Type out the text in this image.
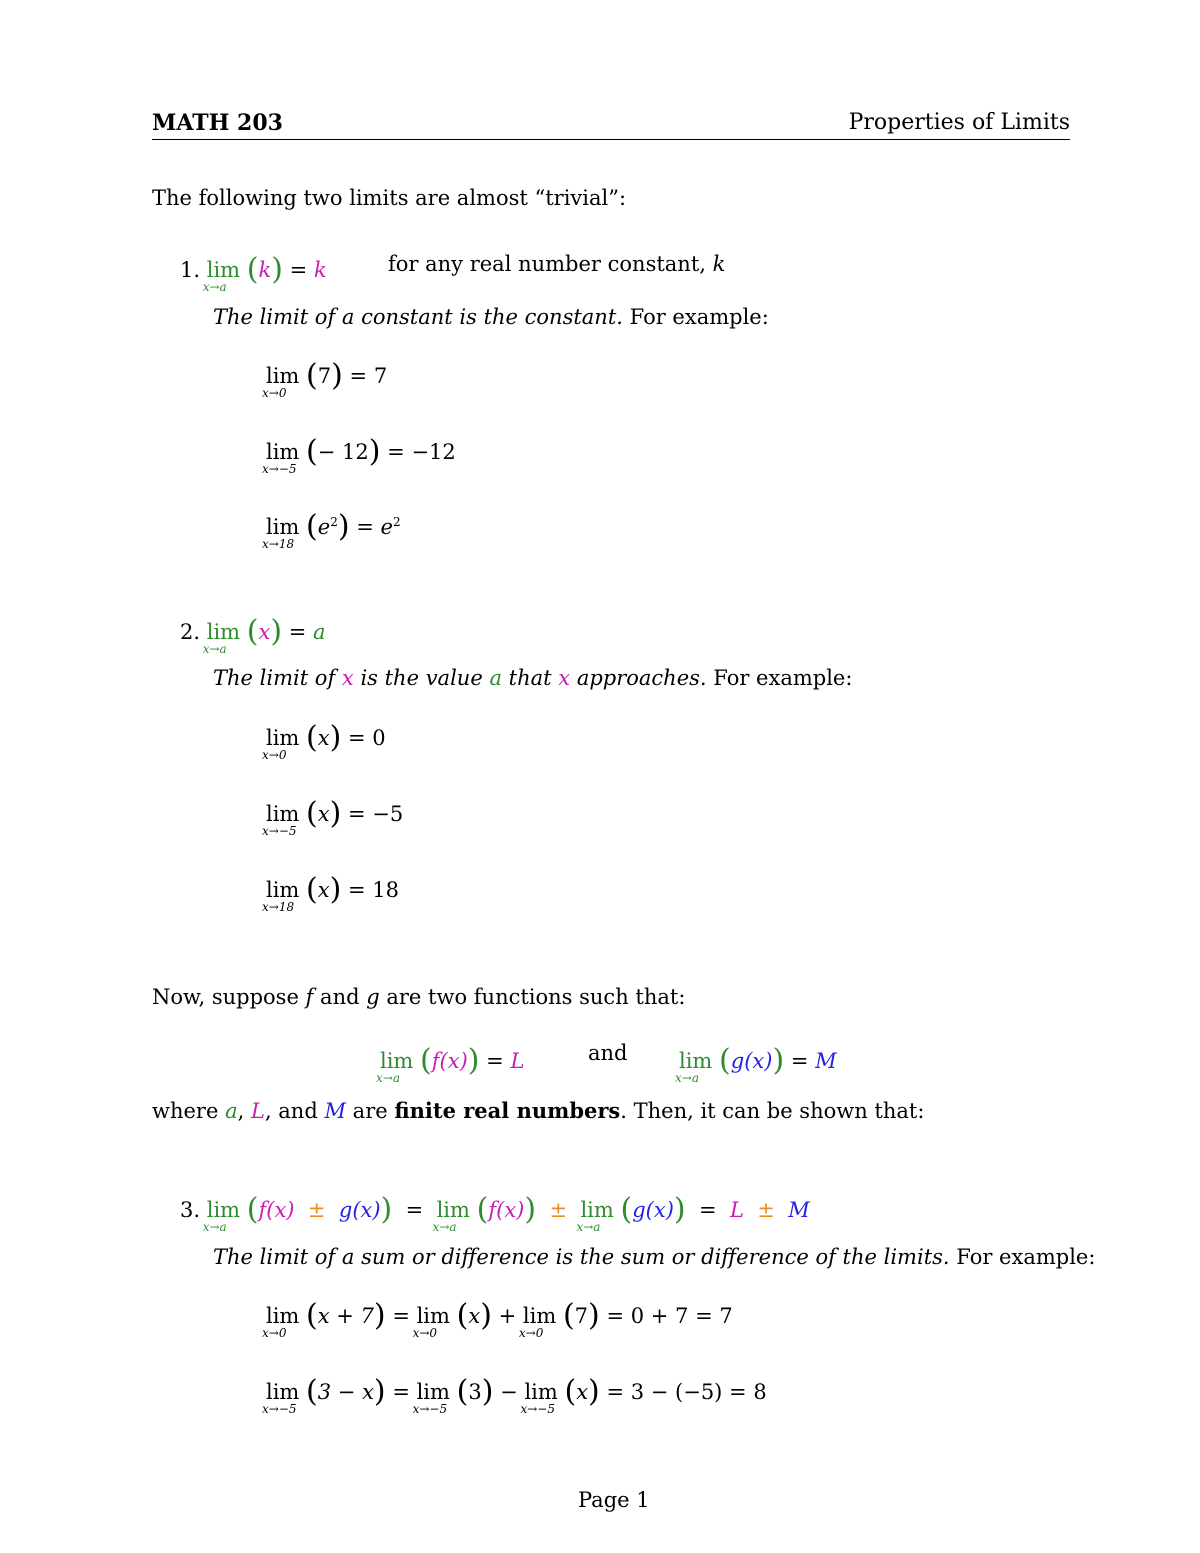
MATH 203	Properties of Limits
The following two limits are almost “trivial”:
1. lim
x→a (k) = k	for any real number constant, k
The limit of a constant is the constant. For example:
lim
x→0 (7) = 7
lim
x→−5 (− 12) = −12
lim
x→18 $(e^2) = e^2$
2. lim
x→a (x) = a
The limit of x is the value a that x approaches. For example:
lim
x→0 (x) = 0
lim
x→−5 (x) = −5
lim
x→18 (x) = 18
Now, suppose f and g are two functions such that:
lim
x→a (f(x)) = L	and lim
x→a (g(x)) = M
where a, L, and M are finite real numbers. Then, it can be shown that:
3. lim
x→a (f(x) ± g(x)) = lim
x→a (f(x)) ± lim
x→a (g(x)) = L ± M
The limit of a sum or difference is the sum or difference of the limits. For example:
lim
x→0 (x + 7) = lim
x→0 (x) + lim
x→0 (7) = 0 + 7 = 7
lim
x→−5 (3 − x) = lim
x→−5 (3) − lim
x→−5 (x) = 3 − (−5) = 8
Page 1
